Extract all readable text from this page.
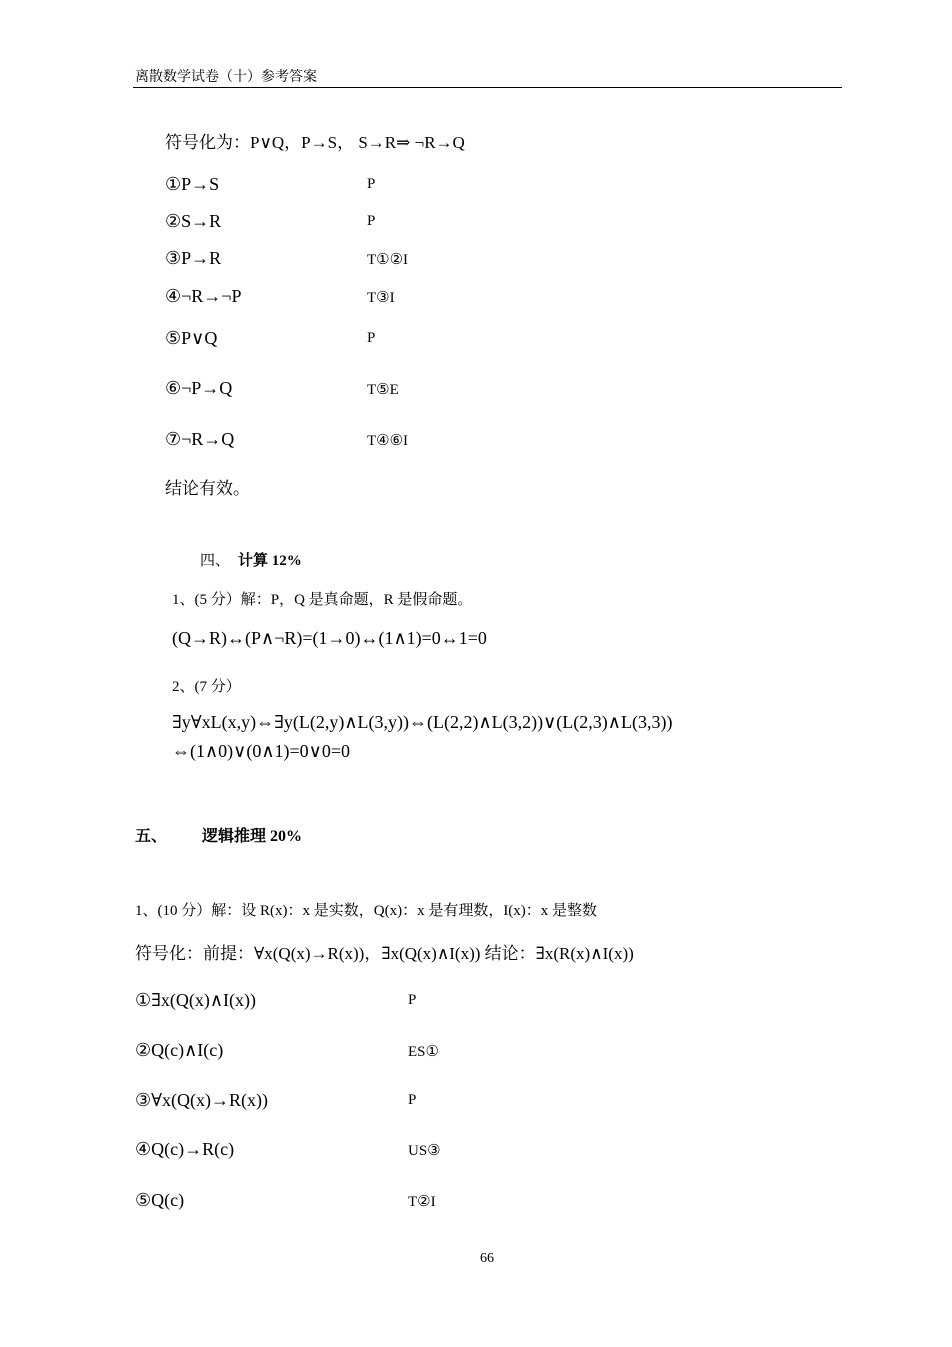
离散数学试卷（十）参考答案
符号化为：P∨Q，P→S， S→R⇒ ¬R→Q
①P→S	P
②S→R	P
③P→R	T①②I
④¬R→¬P	T③I
⑤P∨Q	P
⑥¬P→Q	T⑤E
⑦¬R→Q	T④⑥I
结论有效。
四、 计算 12%
1、(5 分）解：P，Q 是真命题，R 是假命题。
(Q→R)↔(P∧¬R)=(1→0)↔(1∧1)=0↔1=0
2、(7 分）
∃y∀xL(x,y)⇔∃y(L(2,y)∧L(3,y))⇔(L(2,2)∧L(3,2))∨(L(2,3)∧L(3,3))
⇔(1∧0)∨(0∧1)=0∨0=0
五、 逻辑推理 20%
1、(10 分）解：设 R(x)：x 是实数，Q(x)：x 是有理数，I(x)：x 是整数
符号化：前提：∀x(Q(x)→R(x))，∃x(Q(x)∧I(x)) 结论：∃x(R(x)∧I(x))
①∃x(Q(x)∧I(x))	P
②Q(c)∧I(c)	ES①
③∀x(Q(x)→R(x))	P
④Q(c)→R(c)	US③
⑤Q(c)	T②I
66
